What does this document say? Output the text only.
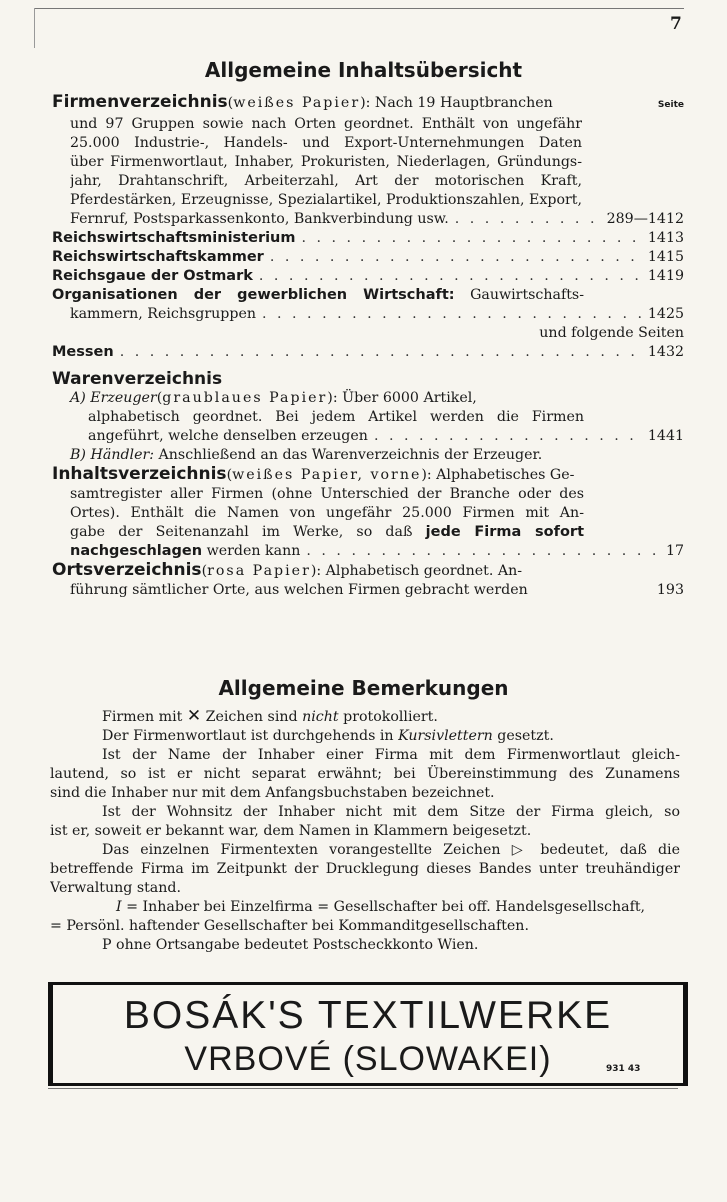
7
Allgemeine Inhaltsübersicht
Firmenverzeichnis ( weißes Papier ): Nach 19 Hauptbranchen	Seite
und 97 Gruppen sowie nach Orten geordnet. Enthält von ungefähr
25.000 Industrie-, Handels- und Export-Unternehmungen Daten
über Firmenwortlaut, Inhaber, Prokuristen, Niederlagen, Gründungs-
jahr, Drahtanschrift, Arbeiterzahl, Art der motorischen Kraft,
Pferdestärken, Erzeugnisse, Spezialartikel, Produktionszahlen, Export,
Fernruf, Postsparkassenkonto, Bankverbindung usw. . . .	289—1412
Reichswirtschaftsministerium . . .	1413
Reichswirtschaftskammer . . .	1415
Reichsgaue der Ostmark . . .	1419
Organisationen der gewerblichen Wirtschaft: Gauwirtschafts-
kammern, Reichsgruppen . . .	1425
und folgende Seiten
Messen . . .	1432
Warenverzeichnis
A)
Erzeuger ( graublaues Papier ): Über 6000 Artikel,
alphabetisch geordnet. Bei jedem Artikel werden die Firmen
angeführt, welche denselben erzeugen . . .	1441
B)
Händler:
Anschließend an das Warenverzeichnis der Erzeuger.
Inhaltsverzeichnis ( weißes Papier, vorne ): Alphabetisches Ge-
samtregister aller Firmen (ohne Unterschied der Branche oder des
Ortes). Enthält die Namen von ungefähr 25.000 Firmen mit An-
gabe der Seitenanzahl im Werke, so daß jede Firma sofort
nachgeschlagen
werden kann . . .	17
Ortsverzeichnis ( rosa Papier ): Alphabetisch geordnet. An-
führung sämtlicher Orte, aus welchen Firmen gebracht werden	193
Allgemeine Bemerkungen
Firmen mit ✕ Zeichen sind nicht protokolliert.
Der Firmenwortlaut ist durchgehends in Kursivlettern gesetzt.
Ist der Name der Inhaber einer Firma mit dem Firmenwortlaut gleich-
lautend, so ist er nicht separat erwähnt; bei Übereinstimmung des Zunamens
sind die Inhaber nur mit dem Anfangsbuchstaben bezeichnet.
Ist der Wohnsitz der Inhaber nicht mit dem Sitze der Firma gleich, so
ist er, soweit er bekannt war, dem Namen in Klammern beigesetzt.
Das einzelnen Firmentexten vorangestellte Zeichen ▷ bedeutet, daß die
betreffende Firma im Zeitpunkt der Drucklegung dieses Bandes unter treuhändiger
Verwaltung stand.
I = Inhaber bei Einzelfirma = Gesellschafter bei off. Handelsgesellschaft,
= Persönl. haftender Gesellschafter bei Kommanditgesellschaften.
P ohne Ortsangabe bedeutet Postscheckkonto Wien.
BOSÁK'S TEXTILWERKE
VRBOVÉ (SLOWAKEI)	931 43
